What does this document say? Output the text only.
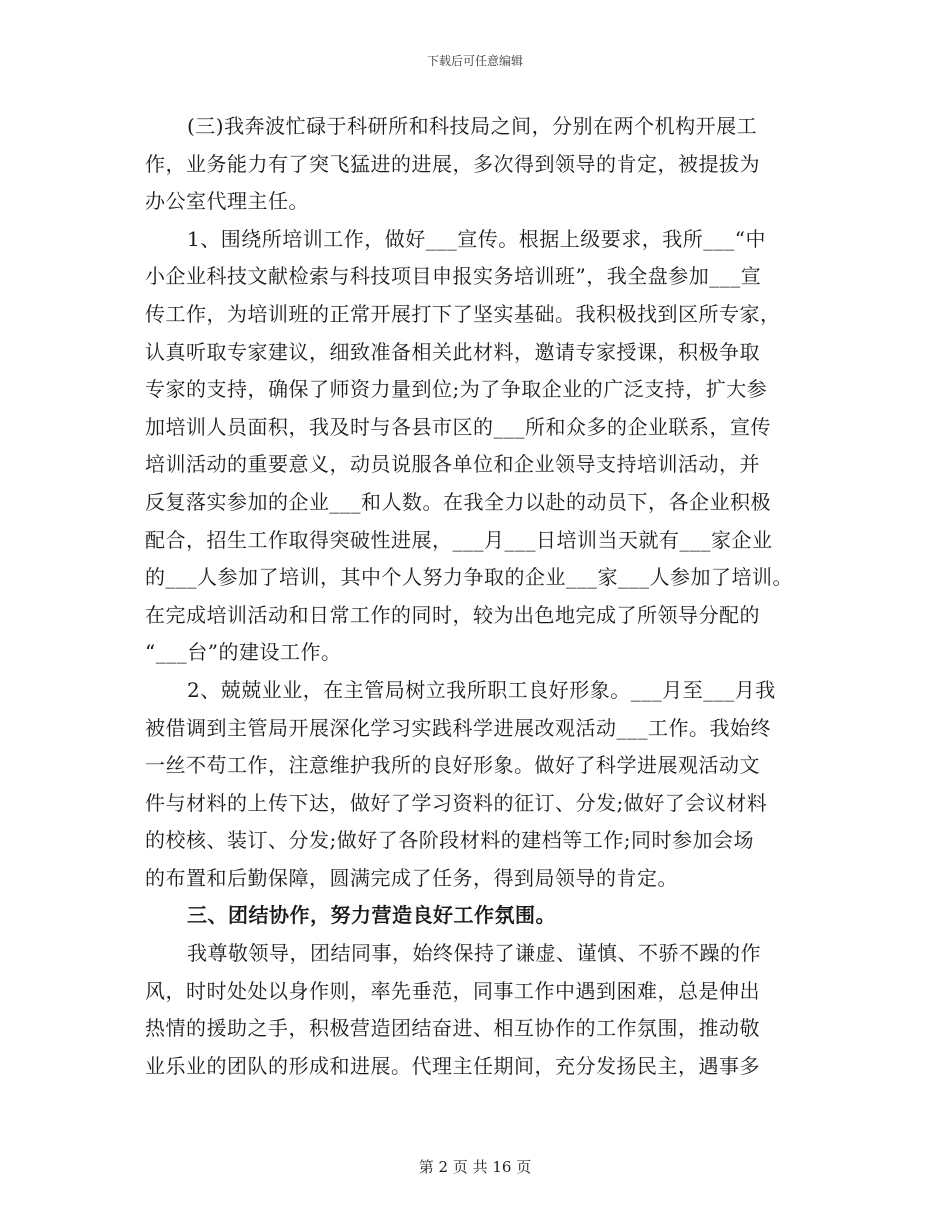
下载后可任意编辑
(三)我奔波忙碌于科研所和科技局之间，分别在两个机构开展工
作，业务能力有了突飞猛进的进展，多次得到领导的肯定，被提拔为
办公室代理主任。
1、围绕所培训工作，做好___宣传。根据上级要求，我所___“中
小企业科技文献检索与科技项目申报实务培训班”，我全盘参加___宣
传工作，为培训班的正常开展打下了坚实基础。我积极找到区所专家，
认真听取专家建议，细致准备相关此材料，邀请专家授课，积极争取
专家的支持，确保了师资力量到位;为了争取企业的广泛支持，扩大参
加培训人员面积，我及时与各县市区的___所和众多的企业联系，宣传
培训活动的重要意义，动员说服各单位和企业领导支持培训活动，并
反复落实参加的企业___和人数。在我全力以赴的动员下，各企业积极
配合，招生工作取得突破性进展，___月___日培训当天就有___家企业
的___人参加了培训，其中个人努力争取的企业___家___人参加了培训。
在完成培训活动和日常工作的同时，较为出色地完成了所领导分配的
“___台”的建设工作。
2、兢兢业业，在主管局树立我所职工良好形象。___月至___月我
被借调到主管局开展深化学习实践科学进展改观活动___工作。我始终
一丝不苟工作，注意维护我所的良好形象。做好了科学进展观活动文
件与材料的上传下达，做好了学习资料的征订、分发;做好了会议材料
的校核、装订、分发;做好了各阶段材料的建档等工作;同时参加会场
的布置和后勤保障，圆满完成了任务，得到局领导的肯定。
三、团结协作，努力营造良好工作氛围。
我尊敬领导，团结同事，始终保持了谦虚、谨慎、不骄不躁的作
风，时时处处以身作则，率先垂范，同事工作中遇到困难，总是伸出
热情的援助之手，积极营造团结奋进、相互协作的工作氛围，推动敬
业乐业的团队的形成和进展。代理主任期间，充分发扬民主，遇事多
第 2 页 共 16 页
